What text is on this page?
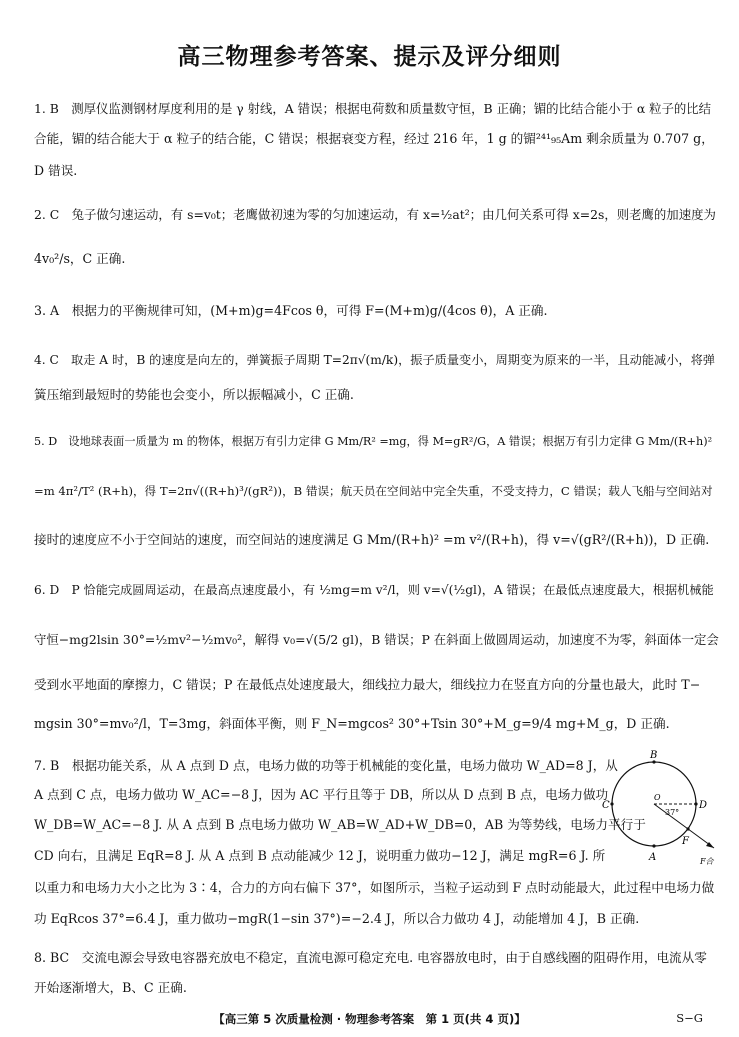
高三物理参考答案、提示及评分细则
1. B　测厚仪监测钢材厚度利用的是 γ 射线，A 错误；根据电荷数和质量数守恒，B 正确；镅的比结合能小于 α 粒子的比结
合能，镅的结合能大于 α 粒子的结合能，C 错误；根据衰变方程，经过 216 年，1 g 的镅²⁴¹₉₅Am 剩余质量为 0.707 g，
D 错误.
2. C　兔子做匀速运动，有 s=v₀t；老鹰做初速为零的匀加速运动，有 x=½at²；由几何关系可得 x=2s，则老鹰的加速度为
4v₀²/s，C 正确.
3. A　根据力的平衡规律可知，(M+m)g=4Fcos θ，可得 F=(M+m)g/(4cos θ)，A 正确.
4. C　取走 A 时，B 的速度是向左的，弹簧振子周期 T=2π√(m/k)，振子质量变小，周期变为原来的一半，且动能减小，将弹
簧压缩到最短时的势能也会变小，所以振幅减小，C 正确.
5. D　设地球表面一质量为 m 的物体，根据万有引力定律 G Mm/R² =mg，得 M=gR²/G，A 错误；根据万有引力定律 G Mm/(R+h)²
=m 4π²/T² (R+h)，得 T=2π√((R+h)³/(gR²))，B 错误；航天员在空间站中完全失重，不受支持力，C 错误；载人飞船与空间站对
接时的速度应不小于空间站的速度，而空间站的速度满足 G Mm/(R+h)² =m v²/(R+h)，得 v=√(gR²/(R+h))，D 正确.
6. D　P 恰能完成圆周运动，在最高点速度最小，有 ½mg=m v²/l，则 v=√(½gl)，A 错误；在最低点速度最大，根据机械能
守恒−mg2lsin 30°=½mv²−½mv₀²，解得 v₀=√(5/2 gl)，B 错误；P 在斜面上做圆周运动，加速度不为零，斜面体一定会
受到水平地面的摩擦力，C 错误；P 在最低点处速度最大，细线拉力最大，细线拉力在竖直方向的分量也最大，此时 T−
mgsin 30°=mv₀²/l，T=3mg，斜面体平衡，则 F_N=mgcos² 30°+Tsin 30°+M_g=9/4 mg+M_g，D 正确.
7. B　根据功能关系，从 A 点到 D 点，电场力做的功等于机械能的变化量，电场力做功 W_AD=8 J，从
A 点到 C 点，电场力做功 W_AC=−8 J，因为 AC 平行且等于 DB，所以从 D 点到 B 点，电场力做功
W_DB=W_AC=−8 J. 从 A 点到 B 点电场力做功 W_AB=W_AD+W_DB=0，AB 为等势线，电场力平行于
CD 向右，且满足 EqR=8 J. 从 A 点到 B 点动能减少 12 J，说明重力做功−12 J，满足 mgR=6 J. 所
以重力和电场力大小之比为 3∶4，合力的方向右偏下 37°，如图所示，当粒子运动到 F 点时动能最大，此过程中电场力做
功 EqRcos 37°=6.4 J，重力做功−mgR(1−sin 37°)=−2.4 J，所以合力做功 4 J，动能增加 4 J，B 正确.
8. BC　交流电源会导致电容器充放电不稳定，直流电源可稳定充电. 电容器放电时，由于自感线圈的阻碍作用，电流从零
开始逐渐增大，B、C 正确.
B
A
C	D
F
O
37°
F合
【高三第 5 次质量检测 · 物理参考答案　第 1 页(共 4 页)】	S−G
